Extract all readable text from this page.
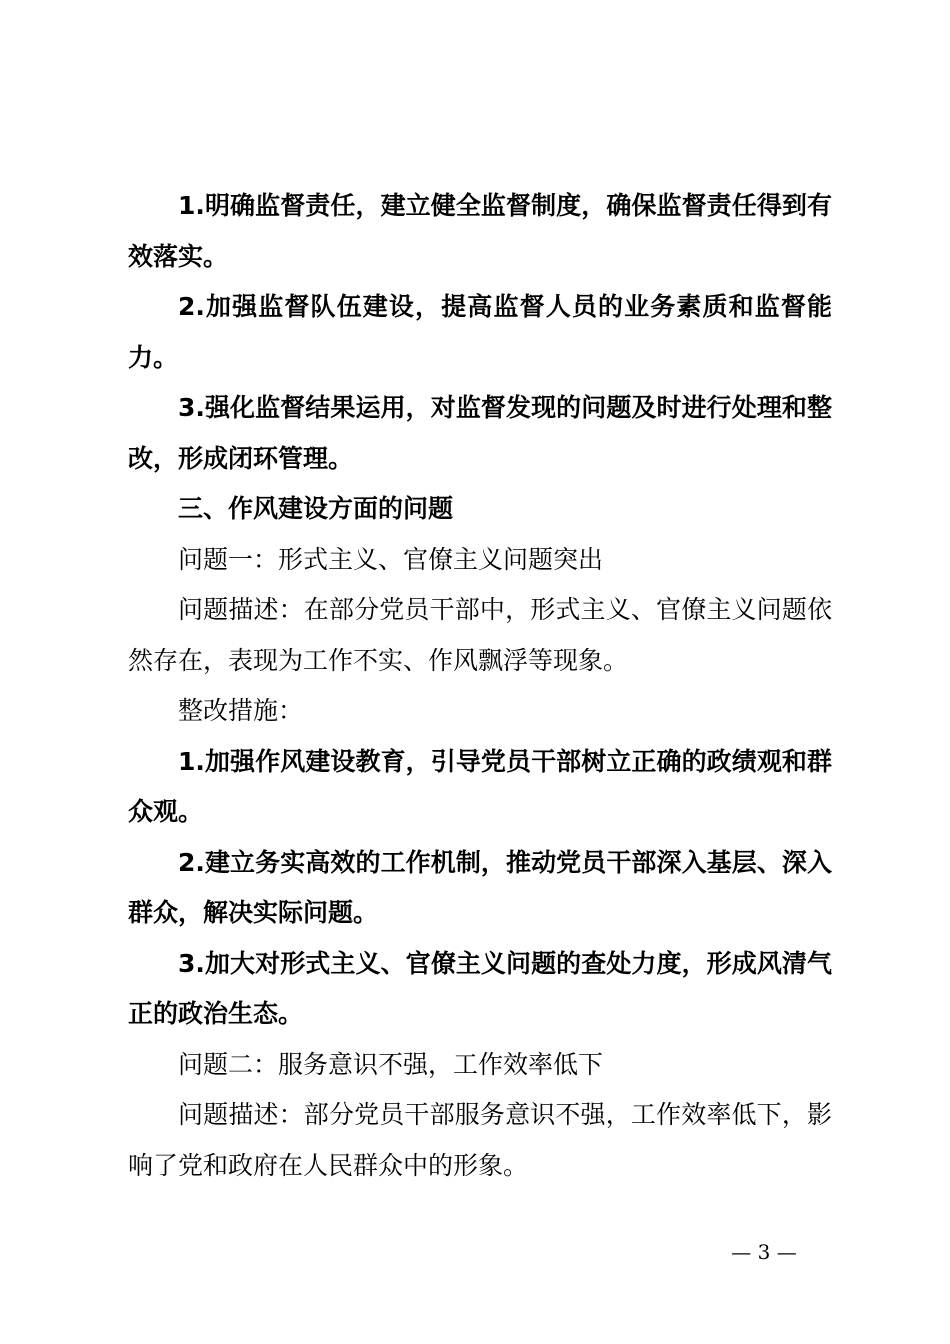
1.明确监督责任，建立健全监督制度，确保监督责任得到有效落实。

2.加强监督队伍建设，提高监督人员的业务素质和监督能力。

3.强化监督结果运用，对监督发现的问题及时进行处理和整改，形成闭环管理。

三、作风建设方面的问题

问题一：形式主义、官僚主义问题突出

问题描述：在部分党员干部中，形式主义、官僚主义问题依然存在，表现为工作不实、作风飘浮等现象。

整改措施：

1.加强作风建设教育，引导党员干部树立正确的政绩观和群众观。

2.建立务实高效的工作机制，推动党员干部深入基层、深入群众，解决实际问题。

3.加大对形式主义、官僚主义问题的查处力度，形成风清气正的政治生态。

问题二：服务意识不强，工作效率低下

问题描述：部分党员干部服务意识不强，工作效率低下，影响了党和政府在人民群众中的形象。

— 3 —
